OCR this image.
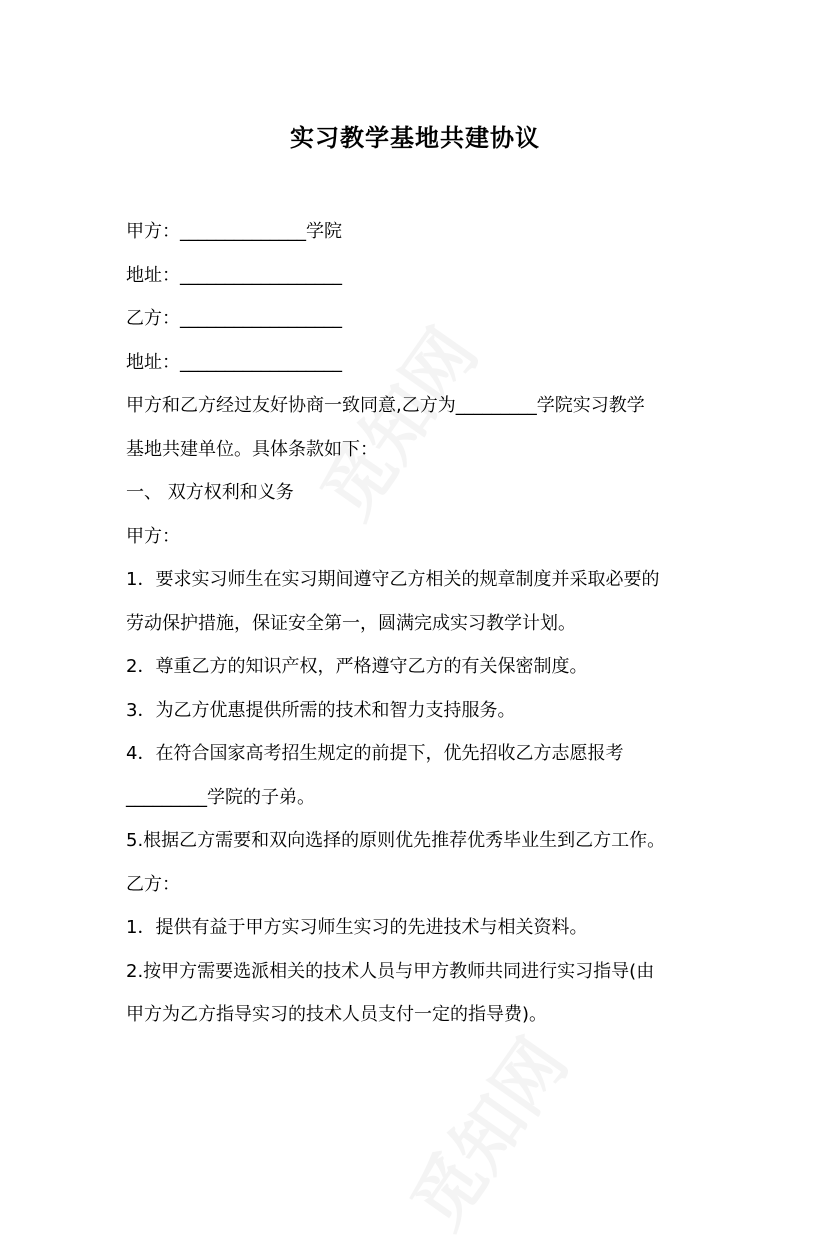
实习教学基地共建协议
甲方：______________学院
地址：__________________
乙方：__________________
地址：__________________
甲方和乙方经过友好协商一致同意,乙方为_________学院实习教学
基地共建单位。具体条款如下：
一、 双方权利和义务
甲方：
1．要求实习师生在实习期间遵守乙方相关的规章制度并采取必要的
劳动保护措施，保证安全第一，圆满完成实习教学计划。
2．尊重乙方的知识产权，严格遵守乙方的有关保密制度。
3．为乙方优惠提供所需的技术和智力支持服务。
4．在符合国家高考招生规定的前提下，优先招收乙方志愿报考
_________学院的子弟。
5.根据乙方需要和双向选择的原则优先推荐优秀毕业生到乙方工作。
乙方：
1．提供有益于甲方实习师生实习的先进技术与相关资料。
2.按甲方需要选派相关的技术人员与甲方教师共同进行实习指导(由
甲方为乙方指导实习的技术人员支付一定的指导费)。
